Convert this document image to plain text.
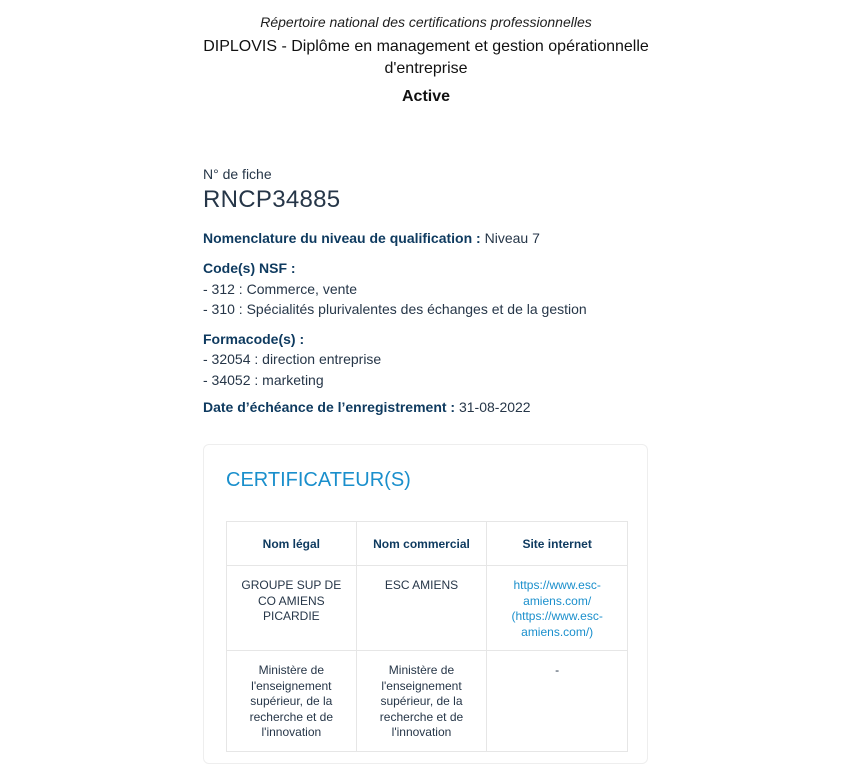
Répertoire national des certifications professionnelles
DIPLOVIS - Diplôme en management et gestion opérationnelle d'entreprise
Active
N° de fiche
RNCP34885
Nomenclature du niveau de qualification : Niveau 7
Code(s) NSF :
- 312 : Commerce, vente
- 310 : Spécialités plurivalentes des échanges et de la gestion
Formacode(s) :
- 32054 : direction entreprise
- 34052 : marketing
Date d’échéance de l’enregistrement : 31-08-2022
CERTIFICATEUR(S)
Nom légal	Nom commercial	Site internet
GROUPE SUP DE CO AMIENS PICARDIE	ESC AMIENS	https://www.esc-amiens.com/ (https://www.esc-amiens.com/)
Ministère de l'enseignement supérieur, de la recherche et de l'innovation	Ministère de l'enseignement supérieur, de la recherche et de l'innovation	-
